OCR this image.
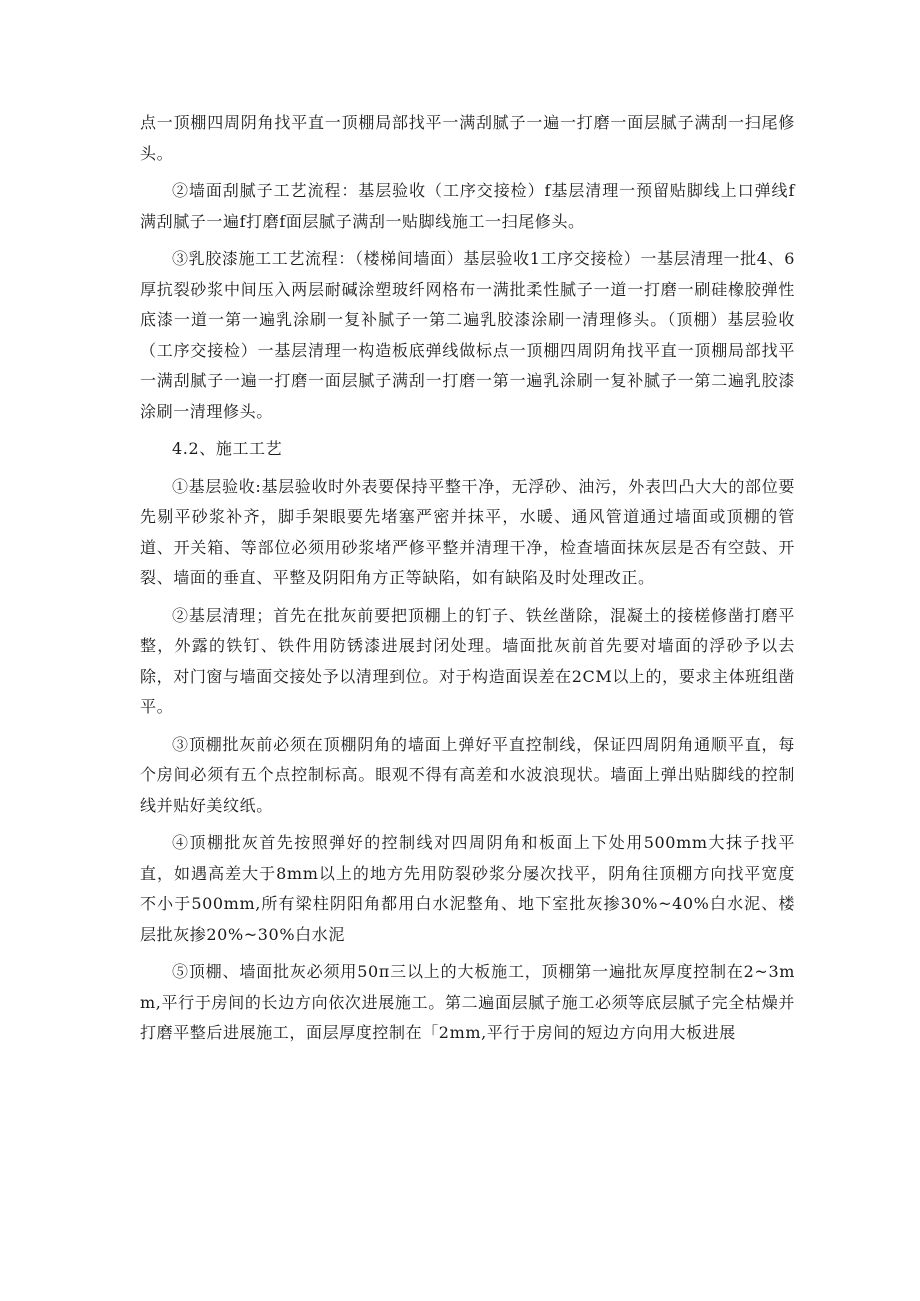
点一顶棚四周阴角找平直一顶棚局部找平一满刮腻子一遍一打磨一面层腻子满刮一扫尾修头。

②墙面刮腻子工艺流程：基层验收（工序交接检）f基层清理一预留贴脚线上口弹线f满刮腻子一遍f打磨f面层腻子满刮一贴脚线施工一扫尾修头。

③乳胶漆施工工艺流程：（楼梯间墙面）基层验收1工序交接检）一基层清理一批4、6厚抗裂砂浆中间压入两层耐碱涂塑玻纤网格布一满批柔性腻子一道一打磨一刷硅橡胶弹性底漆一道一第一遍乳涂刷一复补腻子一第二遍乳胶漆涂刷一清理修头。（顶棚）基层验收（工序交接检）一基层清理一构造板底弹线做标点一顶棚四周阴角找平直一顶棚局部找平一满刮腻子一遍一打磨一面层腻子满刮一打磨一第一遍乳涂刷一复补腻子一第二遍乳胶漆涂刷一清理修头。

4.2、施工工艺

①基层验收:基层验收时外表要保持平整干净，无浮砂、油污，外表凹凸大大的部位要先剔平砂浆补齐，脚手架眼要先堵塞严密并抹平，水暖、通风管道通过墙面或顶棚的管道、开关箱、等部位必须用砂浆堵严修平整并清理干净，检查墙面抹灰层是否有空鼓、开裂、墙面的垂直、平整及阴阳角方正等缺陷，如有缺陷及时处理改正。

②基层清理；首先在批灰前要把顶棚上的钉子、铁丝凿除，混凝土的接槎修凿打磨平整，外露的铁钉、铁件用防锈漆进展封闭处理。墙面批灰前首先要对墙面的浮砂予以去除，对门窗与墙面交接处予以清理到位。对于构造面误差在2CM以上的，要求主体班组凿平。

③顶棚批灰前必须在顶棚阴角的墙面上弹好平直控制线，保证四周阴角通顺平直，每个房间必须有五个点控制标高。眼观不得有高差和水波浪现状。墙面上弹出贴脚线的控制线并贴好美纹纸。

④顶棚批灰首先按照弹好的控制线对四周阴角和板面上下处用500mm大抹子找平直，如遇高差大于8mm以上的地方先用防裂砂浆分屡次找平，阴角往顶棚方向找平宽度不小于500mm,所有梁柱阴阳角都用白水泥整角、地下室批灰掺30%~40%白水泥、楼层批灰掺20%~30%白水泥

⑤顶棚、墙面批灰必须用50π三以上的大板施工，顶棚第一遍批灰厚度控制在2~3mm,平行于房间的长边方向依次进展施工。第二遍面层腻子施工必须等底层腻子完全枯燥并打磨平整后进展施工，面层厚度控制在「2mm,平行于房间的短边方向用大板进展
